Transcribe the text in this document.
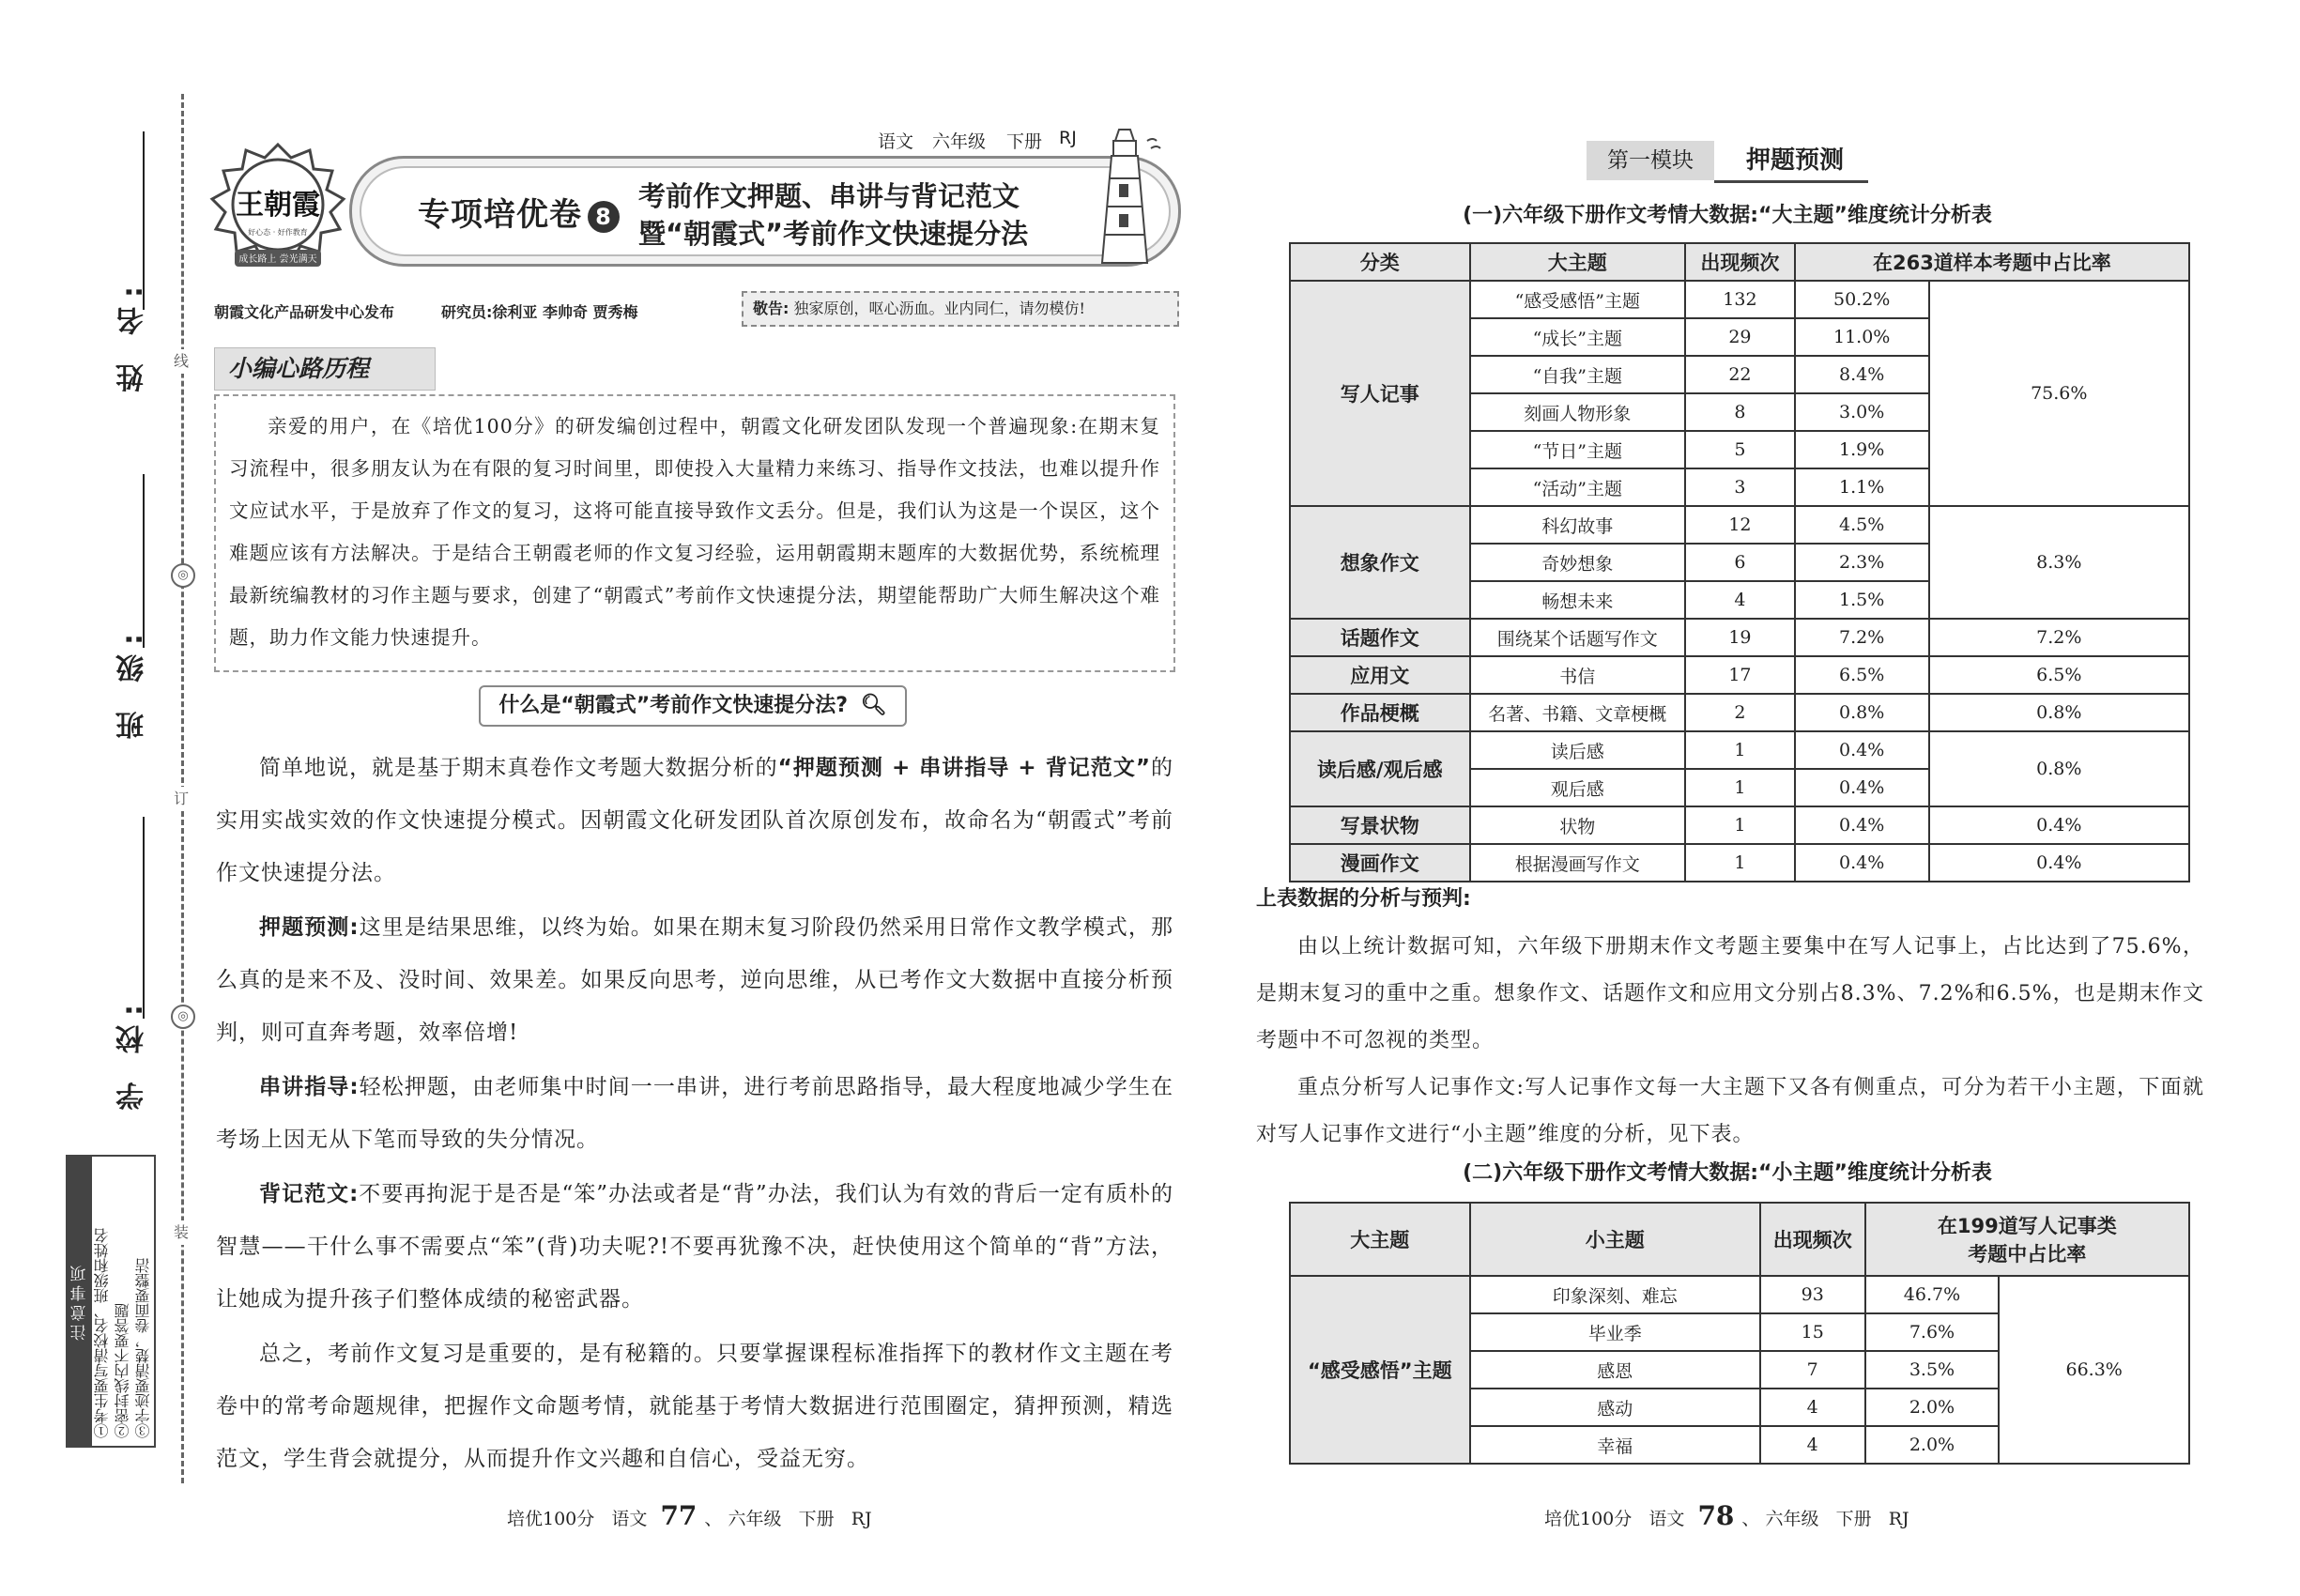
线
◎
订
◎
装
姓 名:
班 级:
学 校:
注意事项 ①考生要写清校名、班级和姓名 ②密封线内不要答题 ③字迹要清楚，卷面要整洁
王朝霞
好心态 · 好作教育
成长路上 尝光满天
语文 六年级 下册 RJ
专项培优卷 8
考前作文押题、串讲与背记范文
暨“朝霞式”考前作文快速提分法
朝霞文化产品研发中心发布	研究员:徐利亚 李帅奇 贾秀梅	敬告: 独家原创，呕心沥血。业内同仁，请勿模仿!
小编心路历程

亲爱的用户，在《培优100分》的研发编创过程中，朝霞文化研发团队发现一个普遍现象:在期末复习流程中，很多朋友认为在有限的复习时间里，即使投入大量精力来练习、指导作文技法，也难以提升作文应试水平，于是放弃了作文的复习，这将可能直接导致作文丢分。但是，我们认为这是一个误区，这个难题应该有方法解决。于是结合王朝霞老师的作文复习经验，运用朝霞期末题库的大数据优势，系统梳理最新统编教材的习作主题与要求，创建了“朝霞式”考前作文快速提分法，期望能帮助广大师生解决这个难题，助力作文能力快速提升。

什么是“朝霞式”考前作文快速提分法? 🔍︎

简单地说，就是基于期末真卷作文考题大数据分析的“押题预测 + 串讲指导 + 背记范文”的实用实战实效的作文快速提分模式。因朝霞文化研发团队首次原创发布，故命名为“朝霞式”考前作文快速提分法。

押题预测:这里是结果思维，以终为始。如果在期末复习阶段仍然采用日常作文教学模式，那么真的是来不及、没时间、效果差。如果反向思考，逆向思维，从已考作文大数据中直接分析预判，则可直奔考题，效率倍增!

串讲指导:轻松押题，由老师集中时间一一串讲，进行考前思路指导，最大程度地减少学生在考场上因无从下笔而导致的失分情况。

背记范文:不要再拘泥于是否是“笨”办法或者是“背”办法，我们认为有效的背后一定有质朴的智慧——干什么事不需要点“笨”(背)功夫呢?!不要再犹豫不决，赶快使用这个简单的“背”方法，让她成为提升孩子们整体成绩的秘密武器。

总之，考前作文复习是重要的，是有秘籍的。只要掌握课程标准指挥下的教材作文主题在考卷中的常考命题规律，把握作文命题考情，就能基于考情大数据进行范围圈定，猜押预测，精选范文，学生背会就提分，从而提升作文兴趣和自信心，受益无穷。

培优100分 语文 77 、 六年级 下册 RJ
第一模块 押题预测
(一)六年级下册作文考情大数据:“大主题”维度统计分析表
分类	大主题	出现频次	在263道样本考题中占比率	
写人记事	“感受感悟”主题	132	50.2%	75.6%
	“成长”主题	29	11.0%	
	“自我”主题	22	8.4%	
	刻画人物形象	8	3.0%	
	“节日”主题	5	1.9%	
	“活动”主题	3	1.1%	
想象作文	科幻故事	12	4.5%	8.3%
	奇妙想象	6	2.3%	
	畅想未来	4	1.5%	
话题作文	围绕某个话题写作文	19	7.2%	7.2%
应用文	书信	17	6.5%	6.5%
作品梗概	名著、书籍、文章梗概	2	0.8%	0.8%
读后感/观后感	读后感	1	0.4%	0.8%
	观后感	1	0.4%	
写景状物	状物	1	0.4%	0.4%
漫画作文	根据漫画写作文	1	0.4%	0.4%
上表数据的分析与预判:

由以上统计数据可知，六年级下册期末作文考题主要集中在写人记事上，占比达到了75.6%，是期末复习的重中之重。想象作文、话题作文和应用文分别占8.3%、7.2%和6.5%，也是期末作文考题中不可忽视的类型。

重点分析写人记事作文:写人记事作文每一大主题下又各有侧重点，可分为若干小主题，下面就对写人记事作文进行“小主题”维度的分析，见下表。

(二)六年级下册作文考情大数据:“小主题”维度统计分析表
大主题	小主题	出现频次	在199道写人记事类
考题中占比率	
“感受感悟”主题	印象深刻、难忘	93	46.7%	66.3%
	毕业季	15	7.6%	
	感恩	7	3.5%	
	感动	4	2.0%	
	幸福	4	2.0%	
培优100分 语文 78 、 六年级 下册 RJ
